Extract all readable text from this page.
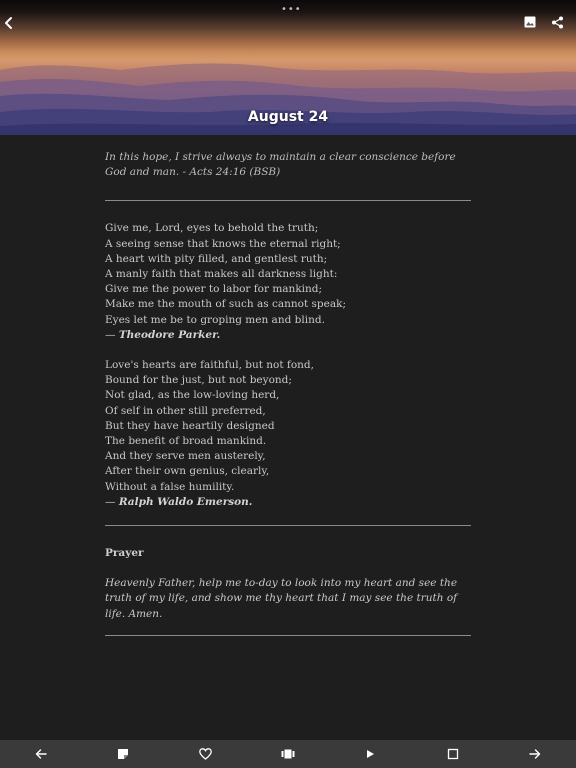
•••
August 24

In this hope, I strive always to maintain a clear conscience before God and man. - Acts 24:16 (BSB)

Give me, Lord, eyes to behold the truth;

A seeing sense that knows the eternal right;

A heart with pity filled, and gentlest ruth;

A manly faith that makes all darkness light:

Give me the power to labor for mankind;

Make me the mouth of such as cannot speak;

Eyes let me be to groping men and blind.

— Theodore Parker.

Love's hearts are faithful, but not fond,

Bound for the just, but not beyond;

Not glad, as the low-loving herd,

Of self in other still preferred,

But they have heartily designed

The benefit of broad mankind.

And they serve men austerely,

After their own genius, clearly,

Without a false humility.

— Ralph Waldo Emerson.

Prayer

Heavenly Father, help me to-day to look into my heart and see the truth of my life, and show me thy heart that I may see the truth of life. Amen.
